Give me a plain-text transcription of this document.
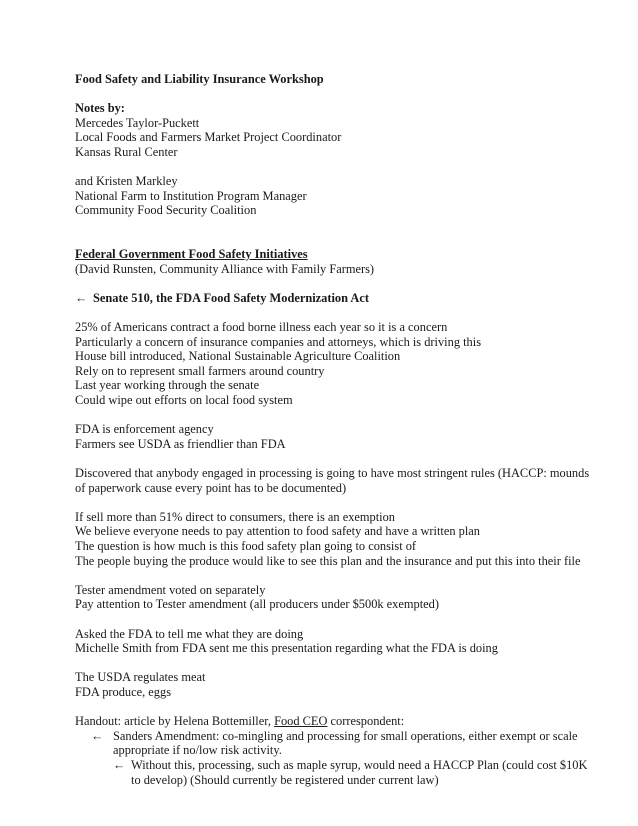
Food Safety and Liability Insurance Workshop
Notes by:
Mercedes Taylor-Puckett
Local Foods and Farmers Market Project Coordinator
Kansas Rural Center
and Kristen Markley
National Farm to Institution Program Manager
Community Food Security Coalition
Federal Government Food Safety Initiatives
(David Runsten, Community Alliance with Family Farmers)
← Senate 510, the FDA Food Safety Modernization Act
25% of Americans contract a food borne illness each year so it is a concern
Particularly a concern of insurance companies and attorneys, which is driving this
House bill introduced, National Sustainable Agriculture Coalition
Rely on to represent small farmers around country
Last year working through the senate
Could wipe out efforts on local food system
FDA is enforcement agency
Farmers see USDA as friendlier than FDA
Discovered that anybody engaged in processing is going to have most stringent rules (HACCP: mounds
of paperwork cause every point has to be documented)
If sell more than 51% direct to consumers, there is an exemption
We believe everyone needs to pay attention to food safety and have a written plan
The question is how much is this food safety plan going to consist of
The people buying the produce would like to see this plan and the insurance and put this into their file
Tester amendment voted on separately
Pay attention to Tester amendment (all producers under $500k exempted)
Asked the FDA to tell me what they are doing
Michelle Smith from FDA sent me this presentation regarding what the FDA is doing
The USDA regulates meat
FDA produce, eggs
Handout: article by Helena Bottemiller, Food CEO correspondent:
← Sanders Amendment: co-mingling and processing for small operations, either exempt or scale
appropriate if no/low risk activity.
← Without this, processing, such as maple syrup, would need a HACCP Plan (could cost $10K
to develop) (Should currently be registered under current law)
